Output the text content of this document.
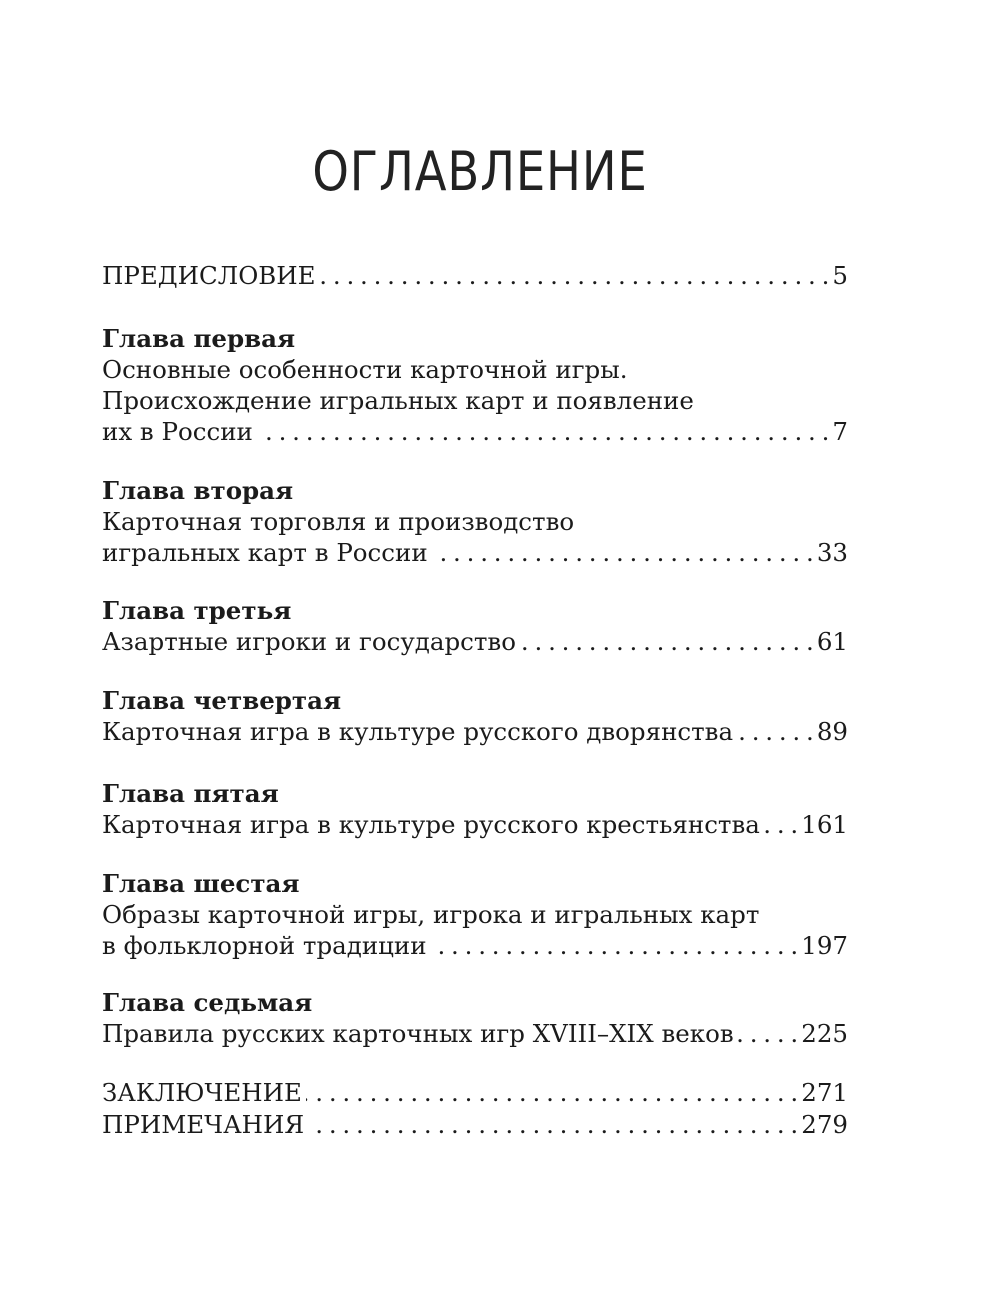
ОГЛАВЛЕНИЕ
ПРЕДИСЛОВИЕ . . .	5
Глава первая
Основные особенности карточной игры.
Происхождение игральных карт и появление
их в России . . .	7
Глава вторая
Карточная торговля и производство
игральных карт в России . . .	33
Глава третья
Азартные игроки и государство . . .	61
Глава четвертая
Карточная игра в культуре русского дворянства . . .	89
Глава пятая
Карточная игра в культуре русского крестьянства . . . 161
Глава шестая
Образы карточной игры, игрока и игральных карт
в фольклорной традиции . . .	197
Глава седьмая
Правила русских карточных игр XVIII–XIX веков . . .	225
ЗАКЛЮЧЕНИЕ . . .	271
ПРИМЕЧАНИЯ . . .	279
